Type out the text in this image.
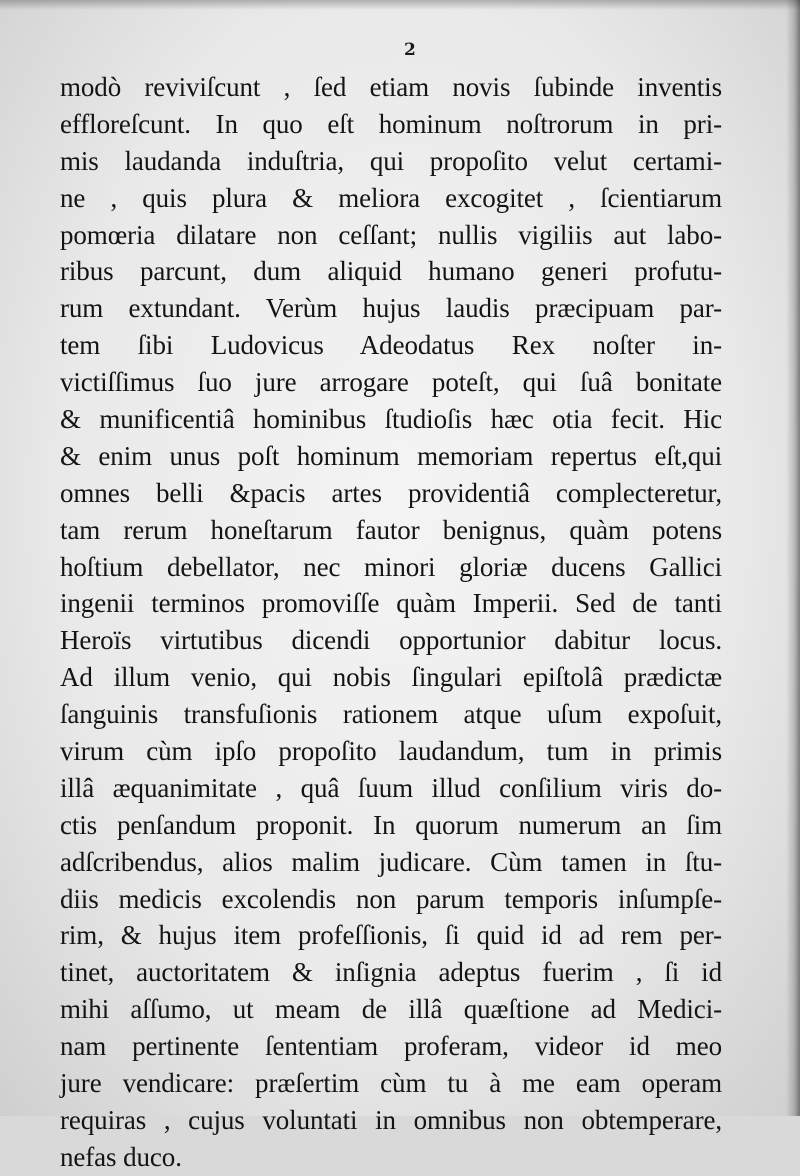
2
modò reviviſcunt , ſed etiam novis ſubinde inventis
effloreſcunt. In quo eſt hominum noſtrorum in pri-
mis laudanda induſtria, qui propoſito velut certami-
ne , quis plura & meliora excogitet , ſcientiarum
pomœria dilatare non ceſſant; nullis vigiliis aut labo-
ribus parcunt, dum aliquid humano generi profutu-
rum extundant. Verùm hujus laudis præcipuam par-
tem ſibi Ludovicus Adeodatus Rex noſter in-
victiſſimus ſuo jure arrogare poteſt, qui ſuâ bonitate
& munificentiâ hominibus ſtudioſis hæc otia fecit. Hic
& enim unus poſt hominum memoriam repertus eſt,qui
omnes belli &pacis artes providentiâ complecteretur,
tam rerum honeſtarum fautor benignus, quàm potens
hoſtium debellator, nec minori gloriæ ducens Gallici
ingenii terminos promoviſſe quàm Imperii. Sed de tanti
Heroïs virtutibus dicendi opportunior dabitur locus.
Ad illum venio, qui nobis ſingulari epiſtolâ prædictæ
ſanguinis transfuſionis rationem atque uſum expoſuit,
virum cùm ipſo propoſito laudandum, tum in primis
illâ æquanimitate , quâ ſuum illud conſilium viris do-
ctis penſandum proponit. In quorum numerum an ſim
adſcribendus, alios malim judicare. Cùm tamen in ſtu-
diis medicis excolendis non parum temporis inſumpſe-
rim, & hujus item profeſſionis, ſi quid id ad rem per-
tinet, auctoritatem & inſignia adeptus fuerim , ſi id
mihi aſſumo, ut meam de illâ quæſtione ad Medici-
nam pertinente ſententiam proferam, videor id meo
jure vendicare: præſertim cùm tu à me eam operam
requiras , cujus voluntati in omnibus non obtemperare,
nefas duco.
